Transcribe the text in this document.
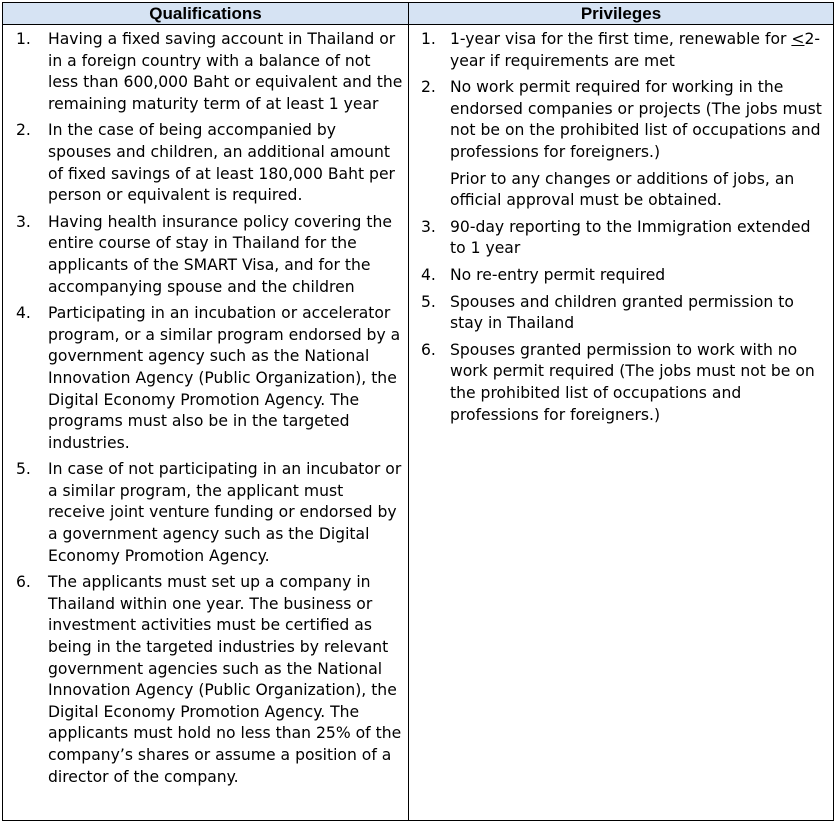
Qualifications	Privileges
1. Having a fixed saving account in Thailand or in a foreign country with a balance of not less than 600,000 Baht or equivalent and the remaining maturity term of at least 1 year
2. In the case of being accompanied by spouses and children, an additional amount of fixed savings of at least 180,000 Baht per person or equivalent is required.
3. Having health insurance policy covering the entire course of stay in Thailand for the applicants of the SMART Visa, and for the accompanying spouse and the children
4. Participating in an incubation or accelerator program, or a similar program endorsed by a government agency such as the National Innovation Agency (Public Organization), the Digital Economy Promotion Agency. The programs must also be in the targeted industries.
5. In case of not participating in an incubator or a similar program, the applicant must receive joint venture funding or endorsed by a government agency such as the Digital Economy Promotion Agency.
6. The applicants must set up a company in Thailand within one year. The business or investment activities must be certified as being in the targeted industries by relevant government agencies such as the National Innovation Agency (Public Organization), the Digital Economy Promotion Agency. The applicants must hold no less than 25% of the company’s shares or assume a position of a director of the company.
1. 1-year visa for the first time, renewable for ≤2-year if requirements are met
2. No work permit required for working in the endorsed companies or projects (The jobs must not be on the prohibited list of occupations and professions for foreigners.)
Prior to any changes or additions of jobs, an official approval must be obtained.
3. 90-day reporting to the Immigration extended to 1 year
4. No re-entry permit required
5. Spouses and children granted permission to stay in Thailand
6. Spouses granted permission to work with no work permit required (The jobs must not be on the prohibited list of occupations and professions for foreigners.)
